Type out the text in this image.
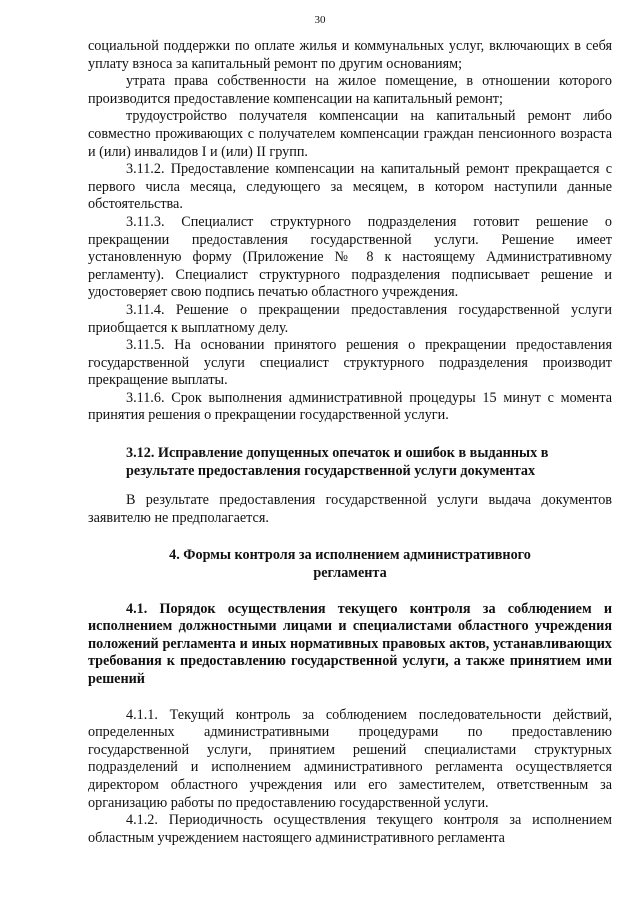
30

социальной поддержки по оплате жилья и коммунальных услуг, включающих в себя уплату взноса за капитальный ремонт по другим основаниям;

утрата права собственности на жилое помещение, в отношении которого производится предоставление компенсации на капитальный ремонт;

трудоустройство получателя компенсации на капитальный ремонт либо совместно проживающих с получателем компенсации граждан пенсионного возраста и (или) инвалидов I и (или) II групп.

3.11.2. Предоставление компенсации на капитальный ремонт прекращается с первого числа месяца, следующего за месяцем, в котором наступили данные обстоятельства.

3.11.3. Специалист структурного подразделения готовит решение о прекращении предоставления государственной услуги. Решение имеет установленную форму (Приложение № 8 к настоящему Административному регламенту). Специалист структурного подразделения подписывает решение и удостоверяет свою подпись печатью областного учреждения.

3.11.4. Решение о прекращении предоставления государственной услуги приобщается к выплатному делу.

3.11.5. На основании принятого решения о прекращении предоставления государственной услуги специалист структурного подразделения производит прекращение выплаты.

3.11.6. Срок выполнения административной процедуры 15 минут с момента принятия решения о прекращении государственной услуги.

3.12. Исправление допущенных опечаток и ошибок в выданных в результате предоставления государственной услуги документах

В результате предоставления государственной услуги выдача документов заявителю не предполагается.

4. Формы контроля за исполнением административного регламента

4.1. Порядок осуществления текущего контроля за соблюдением и исполнением должностными лицами и специалистами областного учреждения положений регламента и иных нормативных правовых актов, устанавливающих требования к предоставлению государственной услуги, а также принятием ими решений

4.1.1. Текущий контроль за соблюдением последовательности действий, определенных административными процедурами по предоставлению государственной услуги, принятием решений специалистами структурных подразделений и исполнением административного регламента осуществляется директором областного учреждения или его заместителем, ответственным за организацию работы по предоставлению государственной услуги.

4.1.2. Периодичность осуществления текущего контроля за исполнением областным учреждением настоящего административного регламента
